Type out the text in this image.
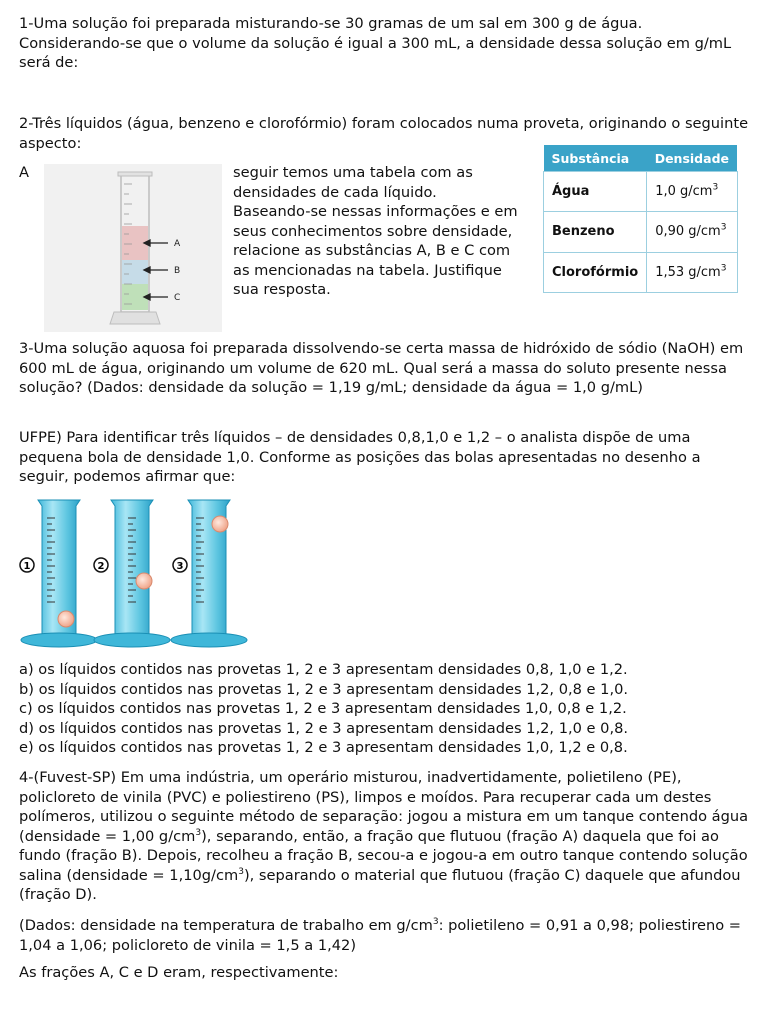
1-Uma solução foi preparada misturando-se 30 gramas de um sal em 300 g de água. Considerando-se que o volume da solução é igual a 300 mL, a densidade dessa solução em g/mL será de:

2-Três líquidos (água, benzeno e clorofórmio) foram colocados numa proveta, originando o seguinte aspecto:

A
A
B
C
seguir temos uma tabela com as densidades de cada líquido. Baseando-se nessas informações e em seus conhecimentos sobre densidade, relacione as substâncias A, B e C com as mencionadas na tabela. Justifique sua resposta.
Substância	Densidade
Água	1,0 $g/cm^3$
Benzeno	0,90 $g/cm^3$
Clorofórmio	1,53 $g/cm^3$

3-Uma solução aquosa foi preparada dissolvendo-se certa massa de hidróxido de sódio (NaOH) em 600 mL de água, originando um volume de 620 mL. Qual será a massa do soluto presente nessa solução? (Dados: densidade da solução = 1,19 g/mL; densidade da água = 1,0 g/mL)

UFPE) Para identificar três líquidos – de densidades 0,8,1,0 e 1,2 – o analista dispõe de uma pequena bola de densidade 1,0. Conforme as posições das bolas apresentadas no desenho a seguir, podemos afirmar que:

1	2	3

a) os líquidos contidos nas provetas 1, 2 e 3 apresentam densidades 0,8, 1,0 e 1,2.

b) os líquidos contidos nas provetas 1, 2 e 3 apresentam densidades 1,2, 0,8 e 1,0.

c) os líquidos contidos nas provetas 1, 2 e 3 apresentam densidades 1,0, 0,8 e 1,2.

d) os líquidos contidos nas provetas 1, 2 e 3 apresentam densidades 1,2, 1,0 e 0,8.

e) os líquidos contidos nas provetas 1, 2 e 3 apresentam densidades 1,0, 1,2 e 0,8.

4-(Fuvest-SP) Em uma indústria, um operário misturou, inadvertidamente, polietileno (PE), policloreto de vinila (PVC) e poliestireno (PS), limpos e moídos. Para recuperar cada um destes polímeros, utilizou o seguinte método de separação: jogou a mistura em um tanque contendo água (densidade = 1,00 $g/cm^3$), separando, então, a fração que flutuou (fração A) daquela que foi ao fundo (fração B). Depois, recolheu a fração B, secou-a e jogou-a em outro tanque contendo solução salina (densidade = $1,10g/cm^3$), separando o material que flutuou (fração C) daquele que afundou (fração D).

(Dados: densidade na temperatura de trabalho em $g/cm^3$: polietileno = 0,91 a 0,98; poliestireno = 1,04 a 1,06; policloreto de vinila = 1,5 a 1,42)

As frações A, C e D eram, respectivamente:
